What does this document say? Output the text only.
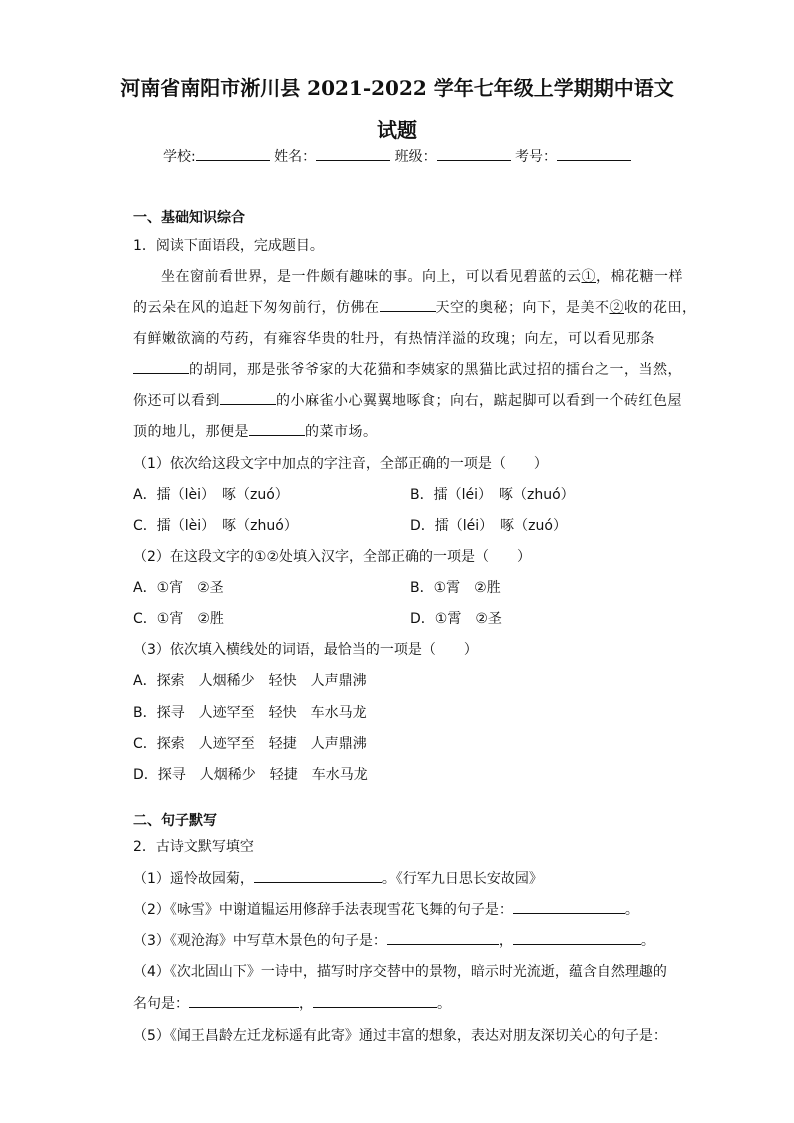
河南省南阳市淅川县 2021-2022 学年七年级上学期期中语文
试题
学校:	姓名：	班级：	考号：
一、基础知识综合
1．阅读下面语段，完成题目。
坐在窗前看世界，是一件颇有趣味的事。向上，可以看见碧蓝的云①，棉花糖一样
的云朵在风的追赶下匆匆前行，仿佛在	天空的奥秘；向下，是美不②收的花田，
有鲜嫩欲滴的芍药，有雍容华贵的牡丹，有热情洋溢的玫瑰；向左，可以看见那条
的胡同，那是张爷爷家的大花猫和李姨家的黑猫比武过招的擂台之一，当然，
你还可以看到	的小麻雀小心翼翼地啄食；向右，踮起脚可以看到一个砖红色屋
顶的地儿，那便是	的菜市场。
（1）依次给这段文字中加点的字注音，全部正确的一项是（　　）
A．擂（lèi）　啄（zuó）	B．擂（léi）　啄（zhuó）
C．擂（lèi）　啄（zhuó）	D．擂（léi）　啄（zuó）
（2）在这段文字的①②处填入汉字，全部正确的一项是（　　）
A．①宵　②圣	B．①霄　②胜
C．①宵　②胜	D．①霄　②圣
（3）依次填入横线处的词语，最恰当的一项是（　　）
A．探索　人烟稀少　轻快　人声鼎沸
B．探寻　人迹罕至　轻快　车水马龙
C．探索　人迹罕至　轻捷　人声鼎沸
D．探寻　人烟稀少　轻捷　车水马龙
二、句子默写
2．古诗文默写填空
（1）遥怜故园菊，	。《行军九日思长安故园》
（2）《咏雪》中谢道韫运用修辞手法表现雪花飞舞的句子是：	。
（3）《观沧海》中写草木景色的句子是：	，	。
（4）《次北固山下》一诗中，描写时序交替中的景物，暗示时光流逝，蕴含自然理趣的
名句是：	，	。
（5）《闻王昌龄左迁龙标遥有此寄》通过丰富的想象，表达对朋友深切关心的句子是：
